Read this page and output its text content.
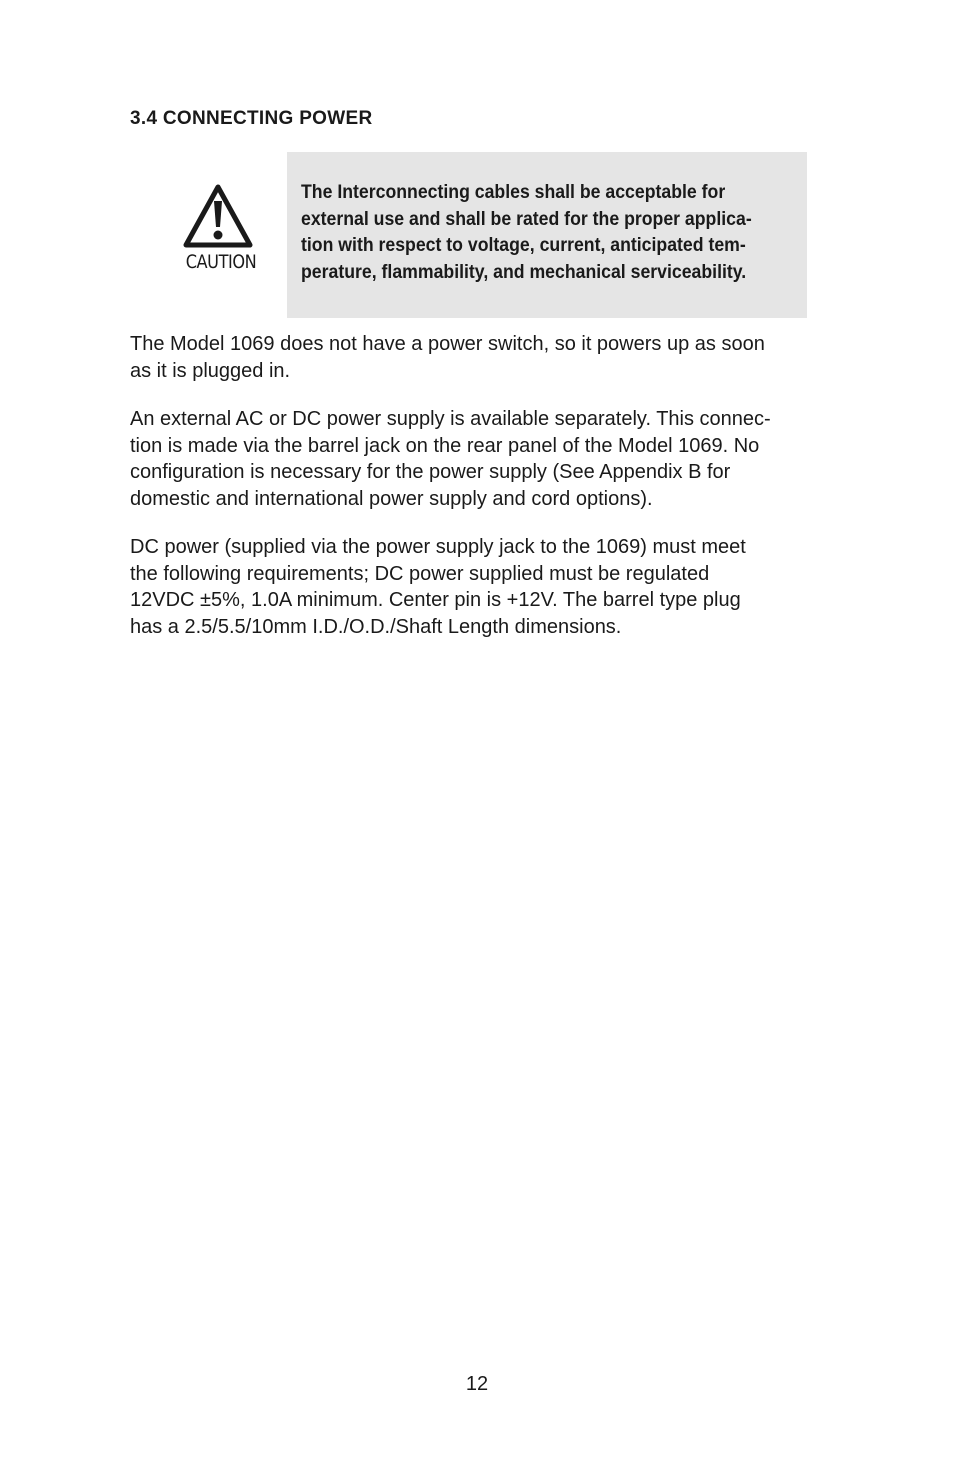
3.4 CONNECTING POWER
CAUTION

The Interconnecting cables shall be acceptable for
external use and shall be rated for the proper applica-
tion with respect to voltage, current, anticipated tem-
perature, flammability, and mechanical serviceability.

The Model 1069 does not have a power switch, so it powers up as soon
as it is plugged in.

An external AC or DC power supply is available separately. This connec-
tion is made via the barrel jack on the rear panel of the Model 1069. No
configuration is necessary for the power supply (See Appendix B for
domestic and international power supply and cord options).

DC power (supplied via the power supply jack to the 1069) must meet
the following requirements; DC power supplied must be regulated
12VDC ±5%, 1.0A minimum. Center pin is +12V. The barrel type plug
has a 2.5/5.5/10mm I.D./O.D./Shaft Length dimensions.

12
